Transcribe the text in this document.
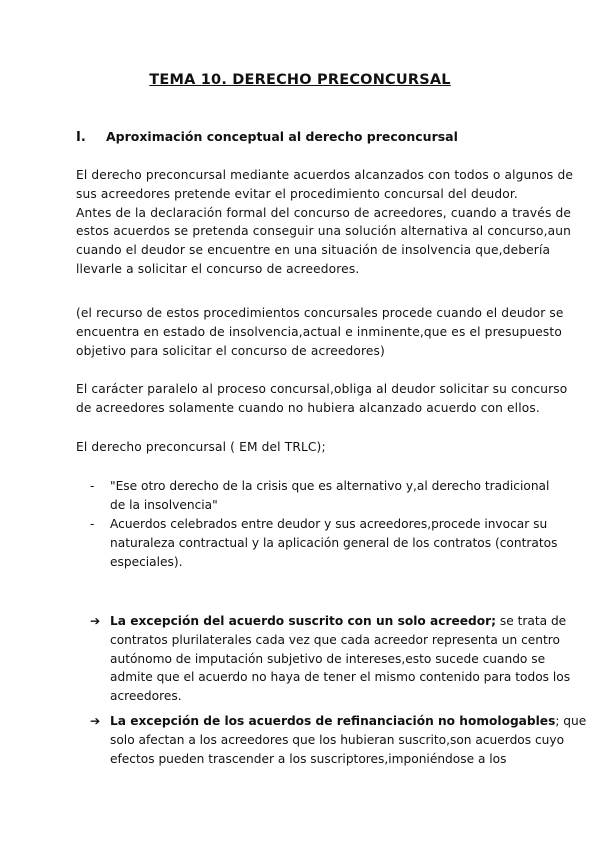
TEMA 10. DERECHO PRECONCURSAL
I. Aproximación conceptual al derecho preconcursal
El derecho preconcursal mediante acuerdos alcanzados con todos o algunos de
sus acreedores pretende evitar el procedimiento concursal del deudor.
Antes de la declaración formal del concurso de acreedores, cuando a través de
estos acuerdos se pretenda conseguir una solución alternativa al concurso,aun
cuando el deudor se encuentre en una situación de insolvencia que,debería
llevarle a solicitar el concurso de acreedores.
(el recurso de estos procedimientos concursales procede cuando el deudor se
encuentra en estado de insolvencia,actual e inminente,que es el presupuesto
objetivo para solicitar el concurso de acreedores)
El carácter paralelo al proceso concursal,obliga al deudor solicitar su concurso
de acreedores solamente cuando no hubiera alcanzado acuerdo con ellos.
El derecho preconcursal ( EM del TRLC);
- "Ese otro derecho de la crisis que es alternativo y,al derecho tradicional
de la insolvencia"
- Acuerdos celebrados entre deudor y sus acreedores,procede invocar su
naturaleza contractual y la aplicación general de los contratos (contratos
especiales).
➔ La excepción del acuerdo suscrito con un solo acreedor; se trata de
contratos plurilaterales cada vez que cada acreedor representa un centro
autónomo de imputación subjetivo de intereses,esto sucede cuando se
admite que el acuerdo no haya de tener el mismo contenido para todos los
acreedores.
➔ La excepción de los acuerdos de refinanciación no homologables; que
solo afectan a los acreedores que los hubieran suscrito,son acuerdos cuyo
efectos pueden trascender a los suscriptores,imponiéndose a los
